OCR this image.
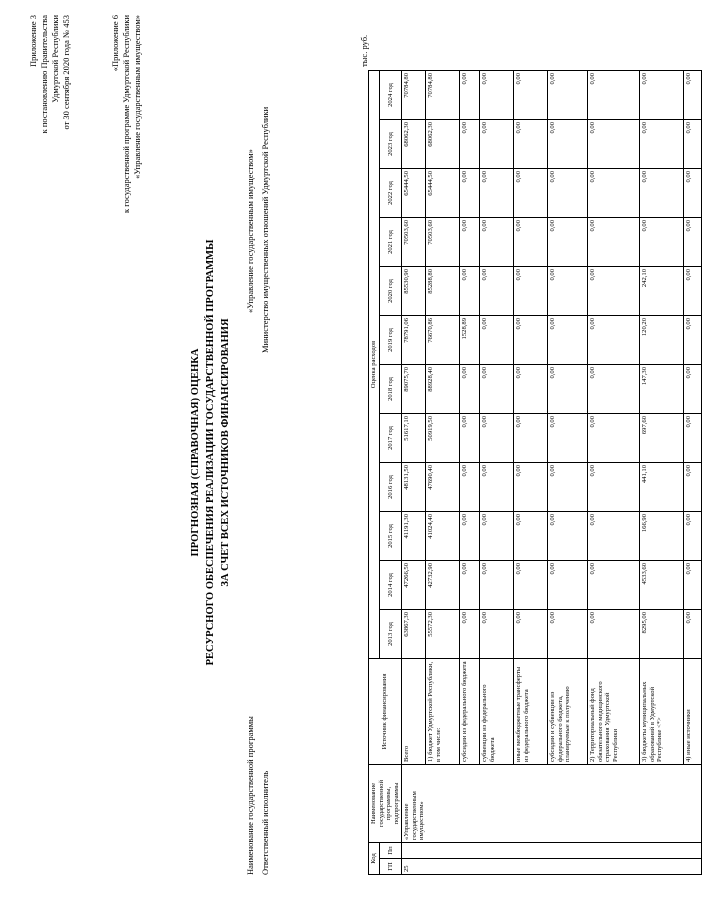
Приложение 3 к постановлению Правительства Удмуртской Республики от 30 сентября 2020 года № 453	«Приложение 6 к государственной программе Удмуртской Республики «Управление государственным имуществом»
ПРОГНОЗНАЯ (СПРАВОЧНАЯ) ОЦЕНКА РЕСУРСНОГО ОБЕСПЕЧЕНИЯ РЕАЛИЗАЦИИ ГОСУДАРСТВЕННОЙ ПРОГРАММЫ ЗА СЧЕТ ВСЕХ ИСТОЧНИКОВ ФИНАНСИРОВАНИЯ
Наименование государственной программы
«Управление государственным имуществом»
Ответственный исполнитель
Министерство имущественных отношений Удмуртской Республики
тыс. руб.
Код		Наименование государственной программы, подпрограммы	Источник финансирования	Оценка расходов											
ГП	Пп			2013 год	2014 год	2015 год	2016 год	2017 год	2018 год	2019 год	2020 год	2021 год	2022 год	2023 год	2024 год

25		«Управление государственным имуществом»	Всего	63867,30	47266,50	41191,30	48131,50	51617,10	89075,70	78791,06	85530,90	70503,60	65444,50	68062,30	70784,80
			1) бюджет Удмуртской Республики, в том числе:	55572,30	42732,90	41024,40	47690,40	50919,50	88928,40	76670,86	85288,80	70503,60	65444,50	68062,30	70784,80
			субсидии из федерального бюджета	0,00	0,00	0,00	0,00	0,00	0,00	1528,89	0,00	0,00	0,00	0,00	0,00
			субвенции из федерального бюджета	0,00	0,00	0,00	0,00	0,00	0,00	0,00	0,00	0,00	0,00	0,00	0,00
			иные межбюджетные трансферты из федерального бюджета	0,00	0,00	0,00	0,00	0,00	0,00	0,00	0,00	0,00	0,00	0,00	0,00
			субсидии и субвенции из федерального бюджета, планируемые к получению	0,00	0,00	0,00	0,00	0,00	0,00	0,00	0,00	0,00	0,00	0,00	0,00
			2) Территориальный фонд обязательного медицинского страхования Удмуртской Республики	0,00	0,00	0,00	0,00	0,00	0,00	0,00	0,00	0,00	0,00	0,00	0,00
			3) бюджеты муниципальных образований в Удмуртской Республике <*>	8295,00	4533,60	166,90	441,10	697,60	147,30	120,20	242,10	0,00	0,00	0,00	0,00
			4) иные источники	0,00	0,00	0,00	0,00	0,00	0,00	0,00	0,00	0,00	0,00	0,00	0,00
